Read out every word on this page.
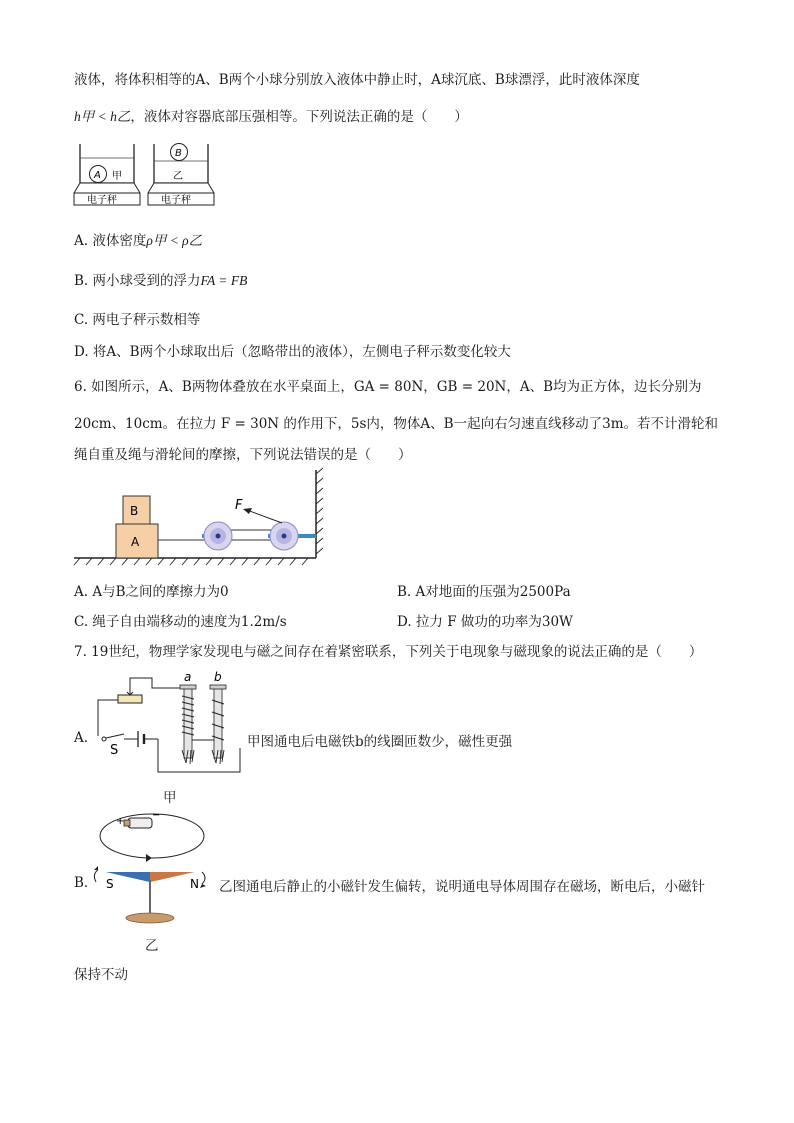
液体，将体积相等的A、B两个小球分别放入液体中静止时，A球沉底、B球漂浮，此时液体深度
h甲 < h乙，液体对容器底部压强相等。下列说法正确的是（　　）
A 甲
电子秤
B
乙
电子秤
A. 液体密度ρ甲 < ρ乙
B. 两小球受到的浮力FA = FB
C. 两电子秤示数相等
D. 将A、B两个小球取出后（忽略带出的液体），左侧电子秤示数变化较大
6. 如图所示，A、B两物体叠放在水平桌面上，GA = 80N，GB = 20N，A、B均为正方体，边长分别为
20cm、10cm。在拉力 F = 30N 的作用下，5s内，物体A、B一起向右匀速直线移动了3m。若不计滑轮和
绳自重及绳与滑轮间的摩擦，下列说法错误的是（　　）
A
B	F
A. A与B之间的摩擦力为0	B. A对地面的压强为2500Pa
C. 绳子自由端移动的速度为1.2m/s	D. 拉力 F 做功的功率为30W
7. 19世纪，物理学家发现电与磁之间存在着紧密联系，下列关于电现象与磁现象的说法正确的是（　　）
A.
S
a b
甲图通电后电磁铁b的线圈匝数少，磁性更强
甲
B.
+
−
S	N 乙图通电后静止的小磁针发生偏转，说明通电导体周围存在磁场，断电后，小磁针
乙
保持不动
